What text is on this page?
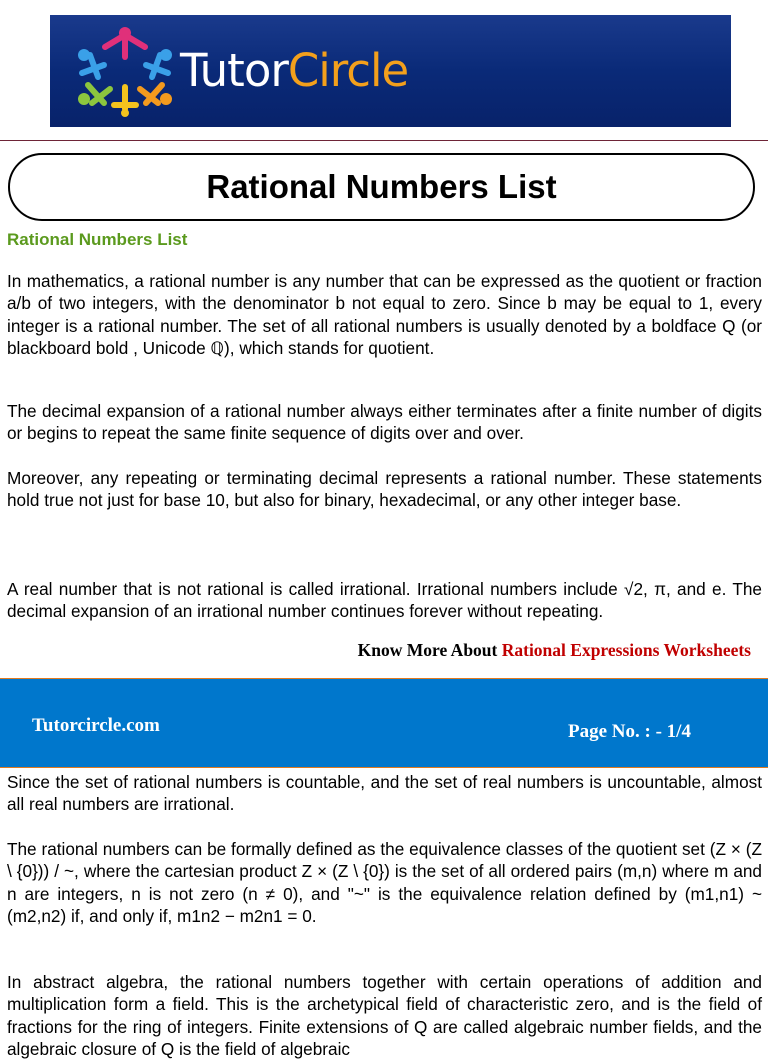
TutorCircle
Rational Numbers List
Rational Numbers List

In mathematics, a rational number is any number that can be expressed as the quotient or fraction a/b of two integers, with the denominator b not equal to zero. Since b may be equal to 1, every integer is a rational number. The set of all rational numbers is usually denoted by a boldface Q (or blackboard bold , Unicode ℚ), which stands for quotient.

The decimal expansion of a rational number always either terminates after a finite number of digits or begins to repeat the same finite sequence of digits over and over.

Moreover, any repeating or terminating decimal represents a rational number. These statements hold true not just for base 10, but also for binary, hexadecimal, or any other integer base.

A real number that is not rational is called irrational. Irrational numbers include √2, π, and e. The decimal expansion of an irrational number continues forever without repeating.

Know More About Rational Expressions Worksheets
Tutorcircle.com	Page No. : - 1/4

Since the set of rational numbers is countable, and the set of real numbers is uncountable, almost all real numbers are irrational.

The rational numbers can be formally defined as the equivalence classes of the quotient set (Z × (Z \ {0})) / ~, where the cartesian product Z × (Z \ {0}) is the set of all ordered pairs (m,n) where m and n are integers, n is not zero (n ≠ 0), and "~" is the equivalence relation defined by (m1,n1) ~ (m2,n2) if, and only if, m1n2 − m2n1 = 0.

In abstract algebra, the rational numbers together with certain operations of addition and multiplication form a field. This is the archetypical field of characteristic zero, and is the field of fractions for the ring of integers. Finite extensions of Q are called algebraic number fields, and the algebraic closure of Q is the field of algebraic
